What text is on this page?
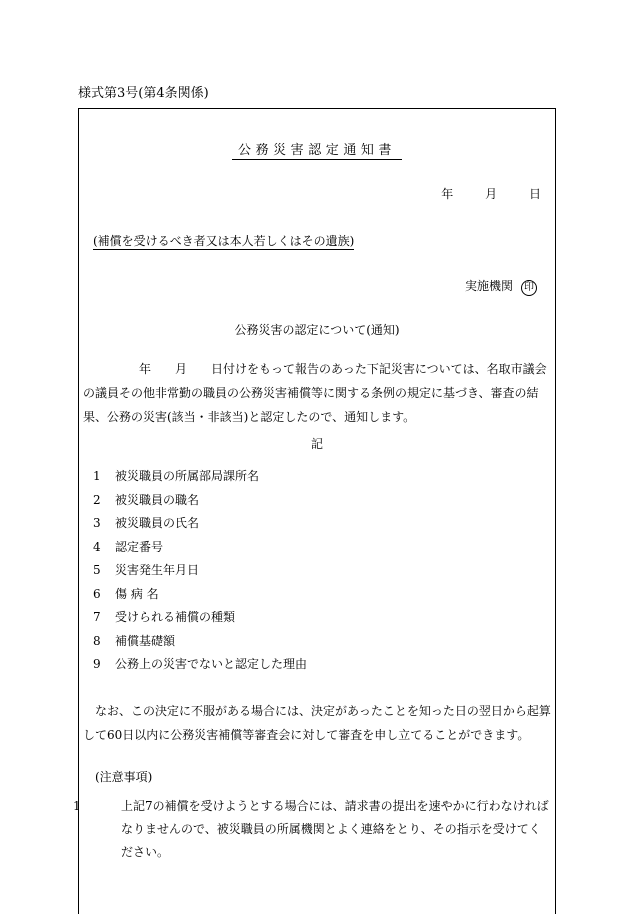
様式第3号(第4条関係)
公務災害認定通知書
年	月	日
(補償を受けるべき者又は本人若しくはその遺族)
実施機関 印
公務災害の認定について(通知)
年　　月　　日付けをもって報告のあった下記災害については、名取市議会の議員その他非常勤の職員の公務災害補償等に関する条例の規定に基づき、審査の結果、公務の災害(該当・非該当)と認定したので、通知します。
記
1 被災職員の所属部局課所名
2 被災職員の職名
3 被災職員の氏名
4 認定番号
5 災害発生年月日
6 傷 病 名
7 受けられる補償の種類
8 補償基礎額
9 公務上の災害でないと認定した理由
なお、この決定に不服がある場合には、決定があったことを知った日の翌日から起算して60日以内に公務災害補償等審査会に対して審査を申し立てることができます。
(注意事項)
1	上記7の補償を受けようとする場合には、請求書の提出を速やかに行わなければなりませんので、被災職員の所属機関とよく連絡をとり、その指示を受けてください。
